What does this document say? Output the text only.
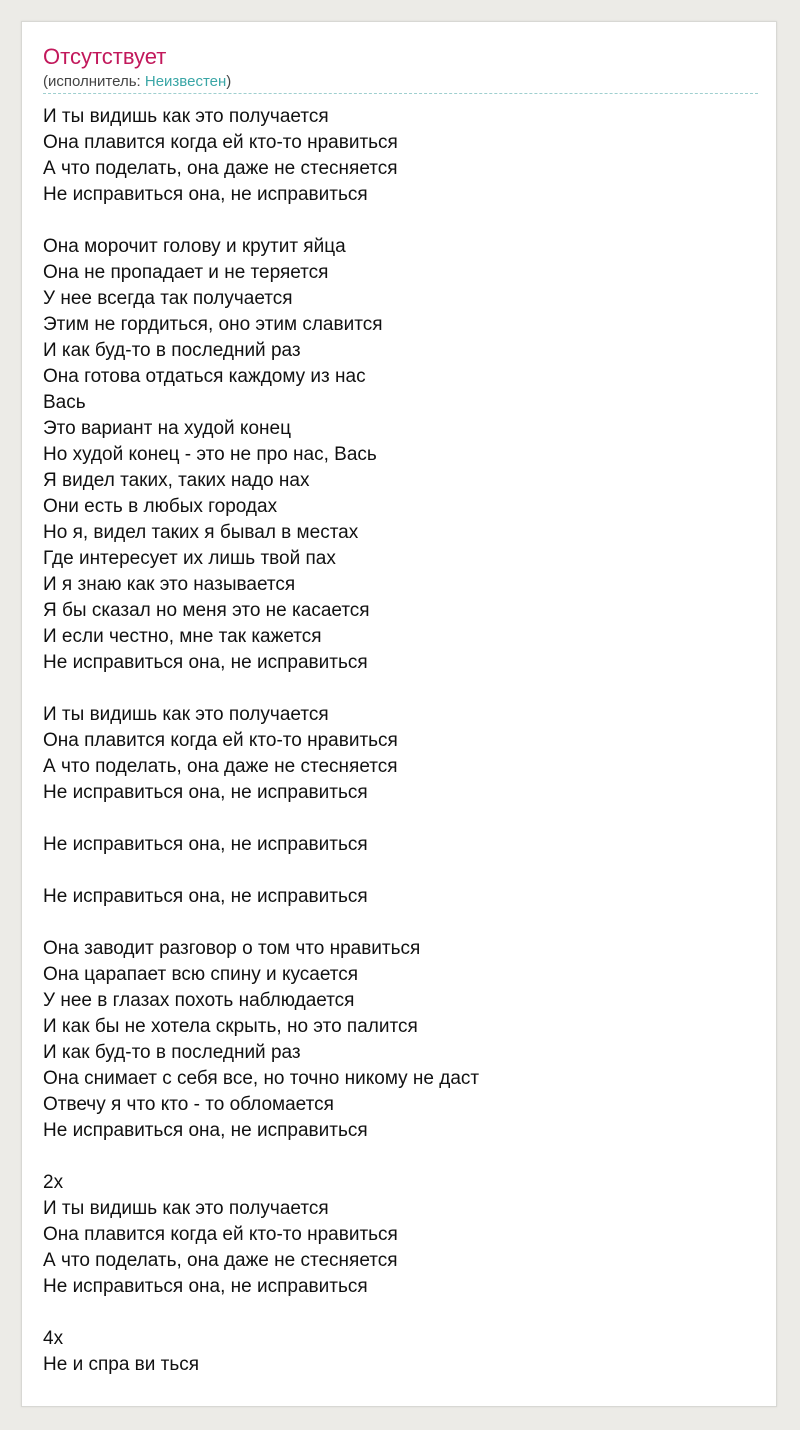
Отсутствует
(исполнитель: Неизвестен)
И ты видишь как это получается
Она плавится когда ей кто-то нравиться
А что поделать, она даже не стесняется
Не исправиться она, не исправиться
Она морочит голову и крутит яйца
Она не пропадает и не теряется
У нее всегда так получается
Этим не гордиться, оно этим славится
И как буд-то в последний раз
Она готова отдаться каждому из нас
Вась
Это вариант на худой конец
Но худой конец - это не про нас, Вась
Я видел таких, таких надо нах
Они есть в любых городах
Но я, видел таких я бывал в местах
Где интересует их лишь твой пах
И я знаю как это называется
Я бы сказал но меня это не касается
И если честно, мне так кажется
Не исправиться она, не исправиться
И ты видишь как это получается
Она плавится когда ей кто-то нравиться
А что поделать, она даже не стесняется
Не исправиться она, не исправиться
Не исправиться она, не исправиться
Не исправиться она, не исправиться
Она заводит разговор о том что нравиться
Она царапает всю спину и кусается
У нее в глазах похоть наблюдается
И как бы не хотела скрыть, но это палится
И как буд-то в последний раз
Она снимает с себя все, но точно никому не даст
Отвечу я что кто - то обломается
Не исправиться она, не исправиться
2x
И ты видишь как это получается
Она плавится когда ей кто-то нравиться
А что поделать, она даже не стесняется
Не исправиться она, не исправиться
4x
Не и спра ви ться
